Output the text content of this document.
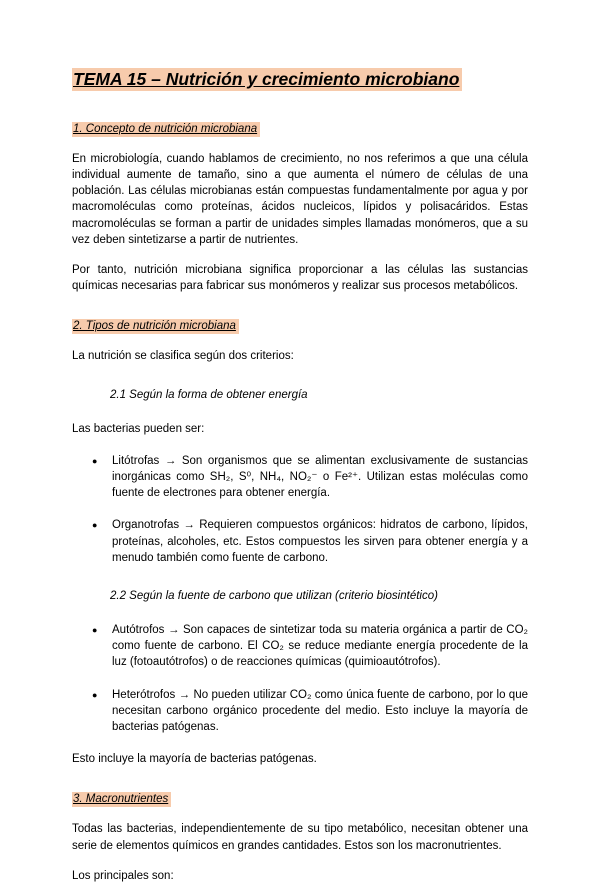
TEMA 15 – Nutrición y crecimiento microbiano
1. Concepto de nutrición microbiana

En microbiología, cuando hablamos de crecimiento, no nos referimos a que una célula individual aumente de tamaño, sino a que aumenta el número de células de una población. Las células microbianas están compuestas fundamentalmente por agua y por macromoléculas como proteínas, ácidos nucleicos, lípidos y polisacáridos. Estas macromoléculas se forman a partir de unidades simples llamadas monómeros, que a su vez deben sintetizarse a partir de nutrientes.

Por tanto, nutrición microbiana significa proporcionar a las células las sustancias químicas necesarias para fabricar sus monómeros y realizar sus procesos metabólicos.

2. Tipos de nutrición microbiana

La nutrición se clasifica según dos criterios:

2.1 Según la forma de obtener energía

Las bacterias pueden ser:

●	Litótrofas → Son organismos que se alimentan exclusivamente de sustancias inorgánicas como SH₂, S⁰, NH₄, NO₂⁻ o Fe²⁺. Utilizan estas moléculas como fuente de electrones para obtener energía.
●	Organotrofas → Requieren compuestos orgánicos: hidratos de carbono, lípidos, proteínas, alcoholes, etc. Estos compuestos les sirven para obtener energía y a menudo también como fuente de carbono.
2.2 Según la fuente de carbono que utilizan (criterio biosintético)
●	Autótrofos → Son capaces de sintetizar toda su materia orgánica a partir de CO₂ como fuente de carbono. El CO₂ se reduce mediante energía procedente de la luz (fotoautótrofos) o de reacciones químicas (quimioautótrofos).
●	Heterótrofos → No pueden utilizar CO₂ como única fuente de carbono, por lo que necesitan carbono orgánico procedente del medio. Esto incluye la mayoría de bacterias patógenas.

Esto incluye la mayoría de bacterias patógenas.

3. Macronutrientes

Todas las bacterias, independientemente de su tipo metabólico, necesitan obtener una serie de elementos químicos en grandes cantidades. Estos son los macronutrientes.

Los principales son:
